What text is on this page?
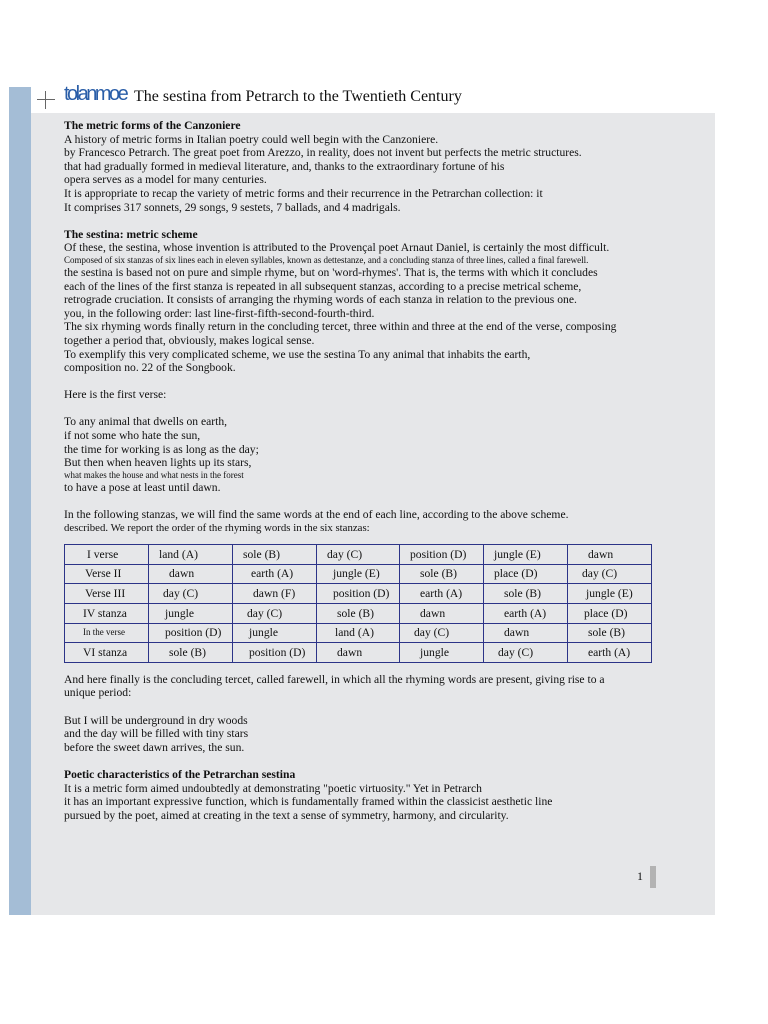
tolanmoe The sestina from Petrarch to the Twentieth Century

The metric forms of the Canzoniere

A history of metric forms in Italian poetry could well begin with the Canzoniere.

by Francesco Petrarch. The great poet from Arezzo, in reality, does not invent but perfects the metric structures.

that had gradually formed in medieval literature, and, thanks to the extraordinary fortune of his

opera serves as a model for many centuries.

It is appropriate to recap the variety of metric forms and their recurrence in the Petrarchan collection: it

It comprises 317 sonnets, 29 songs, 9 sestets, 7 ballads, and 4 madrigals.

The sestina: metric scheme

Of these, the sestina, whose invention is attributed to the Provençal poet Arnaut Daniel, is certainly the most difficult.

Composed of six stanzas of six lines each in eleven syllables, known as dettestanze, and a concluding stanza of three lines, called a final farewell.

the sestina is based not on pure and simple rhyme, but on 'word-rhymes'. That is, the terms with which it concludes

each of the lines of the first stanza is repeated in all subsequent stanzas, according to a precise metrical scheme,

retrograde cruciation. It consists of arranging the rhyming words of each stanza in relation to the previous one.

you, in the following order: last line-first-fifth-second-fourth-third.

The six rhyming words finally return in the concluding tercet, three within and three at the end of the verse, composing

together a period that, obviously, makes logical sense.

To exemplify this very complicated scheme, we use the sestina To any animal that inhabits the earth,

composition no. 22 of the Songbook.

Here is the first verse:

To any animal that dwells on earth,

if not some who hate the sun,

the time for working is as long as the day;

But then when heaven lights up its stars,

what makes the house and what nests in the forest

to have a pose at least until dawn.

In the following stanzas, we will find the same words at the end of each line, according to the above scheme.

described. We report the order of the rhyming words in the six stanzas:

I verse	land (A)	sole (B)	day (C)	position (D)	jungle (E)	dawn
Verse II	dawn	earth (A)	jungle (E)	sole (B)	place (D)	day (C)
Verse III	day (C)	dawn (F)	position (D)	earth (A)	sole (B)	jungle (E)
IV stanza	jungle	day (C)	sole (B)	dawn	earth (A)	place (D)
In the verse	position (D)	jungle	land (A)	day (C)	dawn	sole (B)
VI stanza	sole (B)	position (D)	dawn	jungle	day (C)	earth (A)

And here finally is the concluding tercet, called farewell, in which all the rhyming words are present, giving rise to a

unique period:

But I will be underground in dry woods

and the day will be filled with tiny stars

before the sweet dawn arrives, the sun.

Poetic characteristics of the Petrarchan sestina

It is a metric form aimed undoubtedly at demonstrating "poetic virtuosity." Yet in Petrarch

it has an important expressive function, which is fundamentally framed within the classicist aesthetic line

pursued by the poet, aimed at creating in the text a sense of symmetry, harmony, and circularity.

1
